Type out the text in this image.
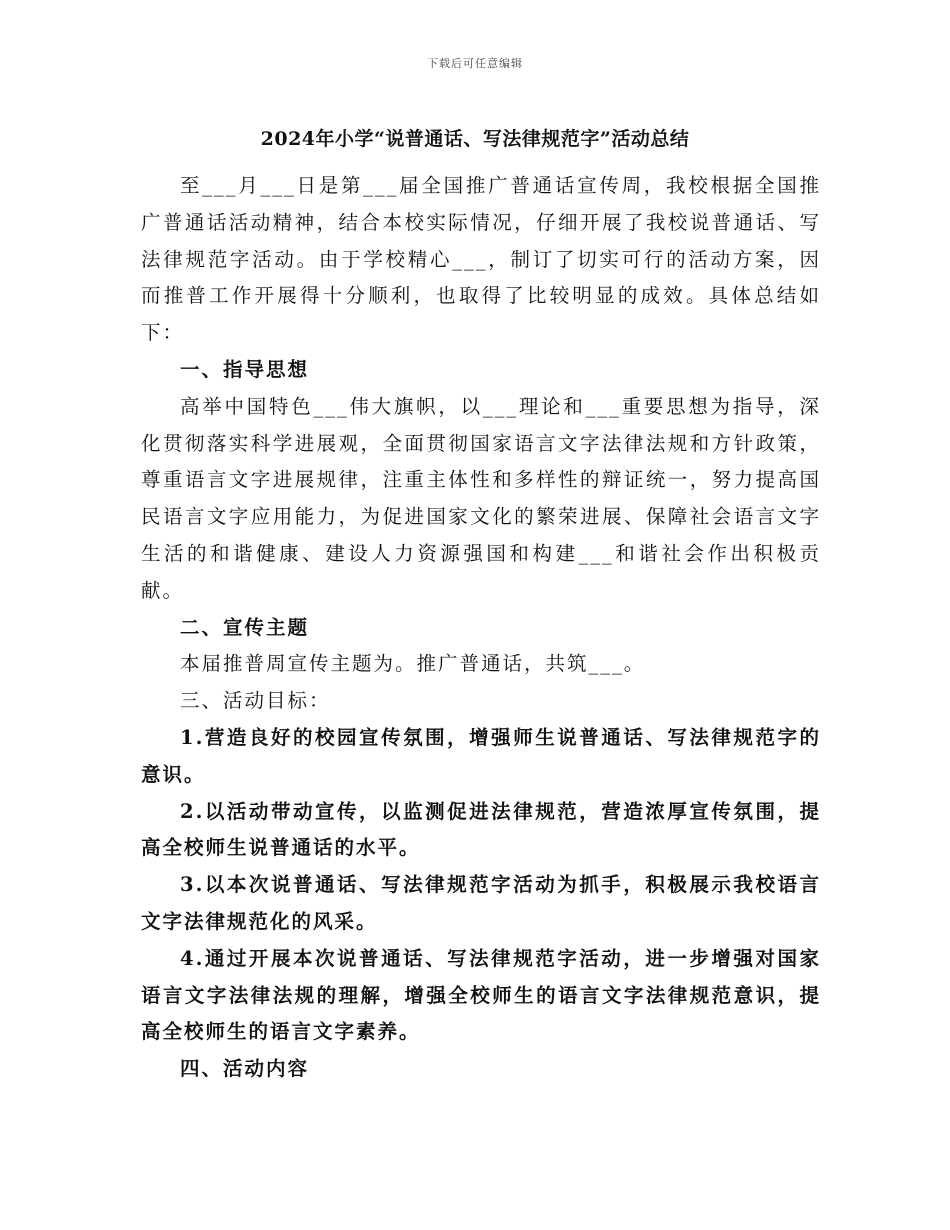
下载后可任意编辑
2024年小学“说普通话、写法律规范字”活动总结

至___月___日是第___届全国推广普通话宣传周，我校根据全国推广普通话活动精神，结合本校实际情况，仔细开展了我校说普通话、写法律规范字活动。由于学校精心___，制订了切实可行的活动方案，因而推普工作开展得十分顺利，也取得了比较明显的成效。具体总结如下：

一、指导思想

高举中国特色___伟大旗帜，以___理论和___重要思想为指导，深化贯彻落实科学进展观，全面贯彻国家语言文字法律法规和方针政策，尊重语言文字进展规律，注重主体性和多样性的辩证统一，努力提高国民语言文字应用能力，为促进国家文化的繁荣进展、保障社会语言文字生活的和谐健康、建设人力资源强国和构建___和谐社会作出积极贡献。

二、宣传主题

本届推普周宣传主题为。推广普通话，共筑___。

三、活动目标：

1.营造良好的校园宣传氛围，增强师生说普通话、写法律规范字的意识。

2.以活动带动宣传，以监测促进法律规范，营造浓厚宣传氛围，提高全校师生说普通话的水平。

3.以本次说普通话、写法律规范字活动为抓手，积极展示我校语言文字法律规范化的风采。

4.通过开展本次说普通话、写法律规范字活动，进一步增强对国家语言文字法律法规的理解，增强全校师生的语言文字法律规范意识，提高全校师生的语言文字素养。

四、活动内容
